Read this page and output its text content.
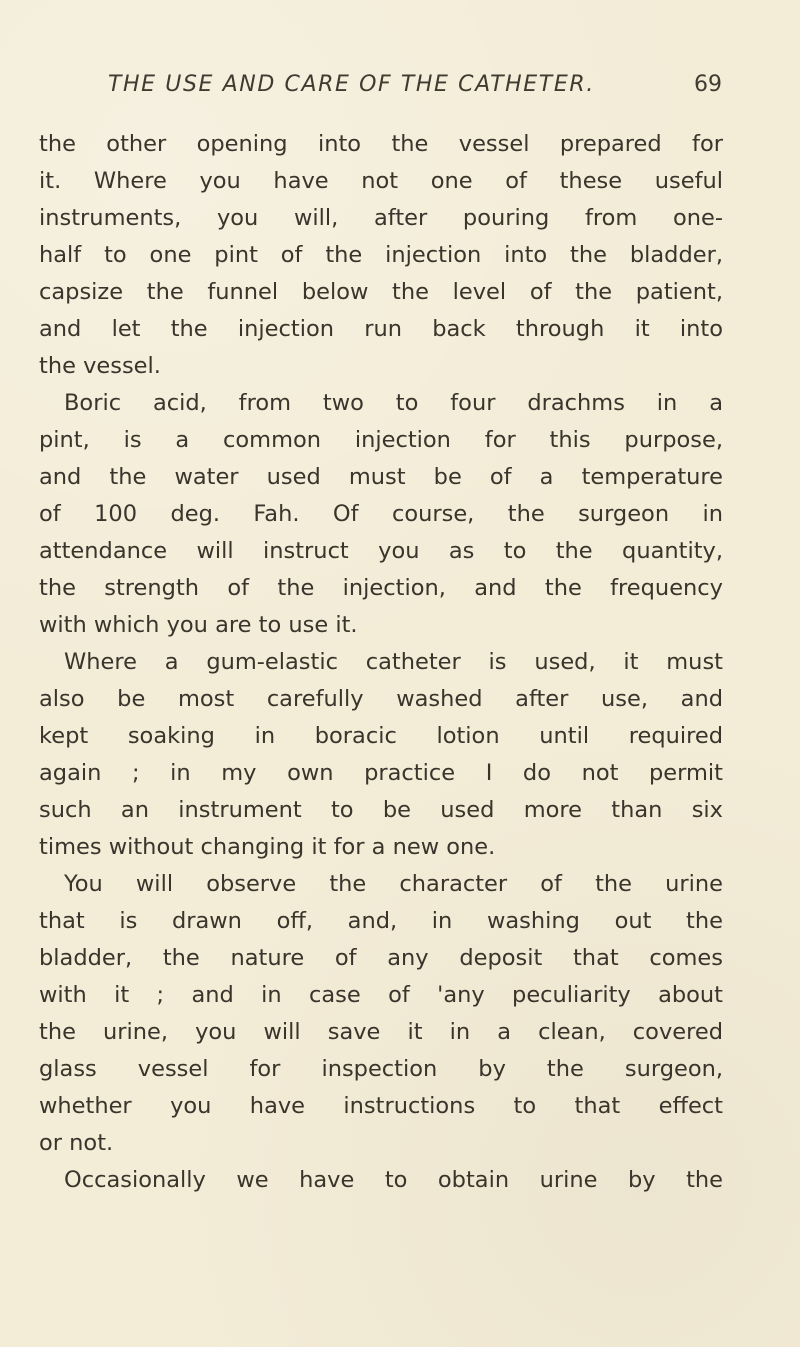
THE USE AND CARE OF THE CATHETER.	69
the other opening into the vessel prepared for
it. Where you have not one of these useful
instruments, you will, after pouring from one-
half to one pint of the injection into the bladder,
capsize the funnel below the level of the patient,
and let the injection run back through it into
the vessel.
Boric acid, from two to four drachms in a
pint, is a common injection for this purpose,
and the water used must be of a temperature
of 100 deg. Fah. Of course, the surgeon in
attendance will instruct you as to the quantity,
the strength of the injection, and the frequency
with which you are to use it.
Where a gum-elastic catheter is used, it must
also be most carefully washed after use, and
kept soaking in boracic lotion until required
again ; in my own practice I do not permit
such an instrument to be used more than six
times without changing it for a new one.
You will observe the character of the urine
that is drawn off, and, in washing out the
bladder, the nature of any deposit that comes
with it ; and in case of 'any peculiarity about
the urine, you will save it in a clean, covered
glass vessel for inspection by the surgeon,
whether you have instructions to that effect
or not.
Occasionally we have to obtain urine by the
